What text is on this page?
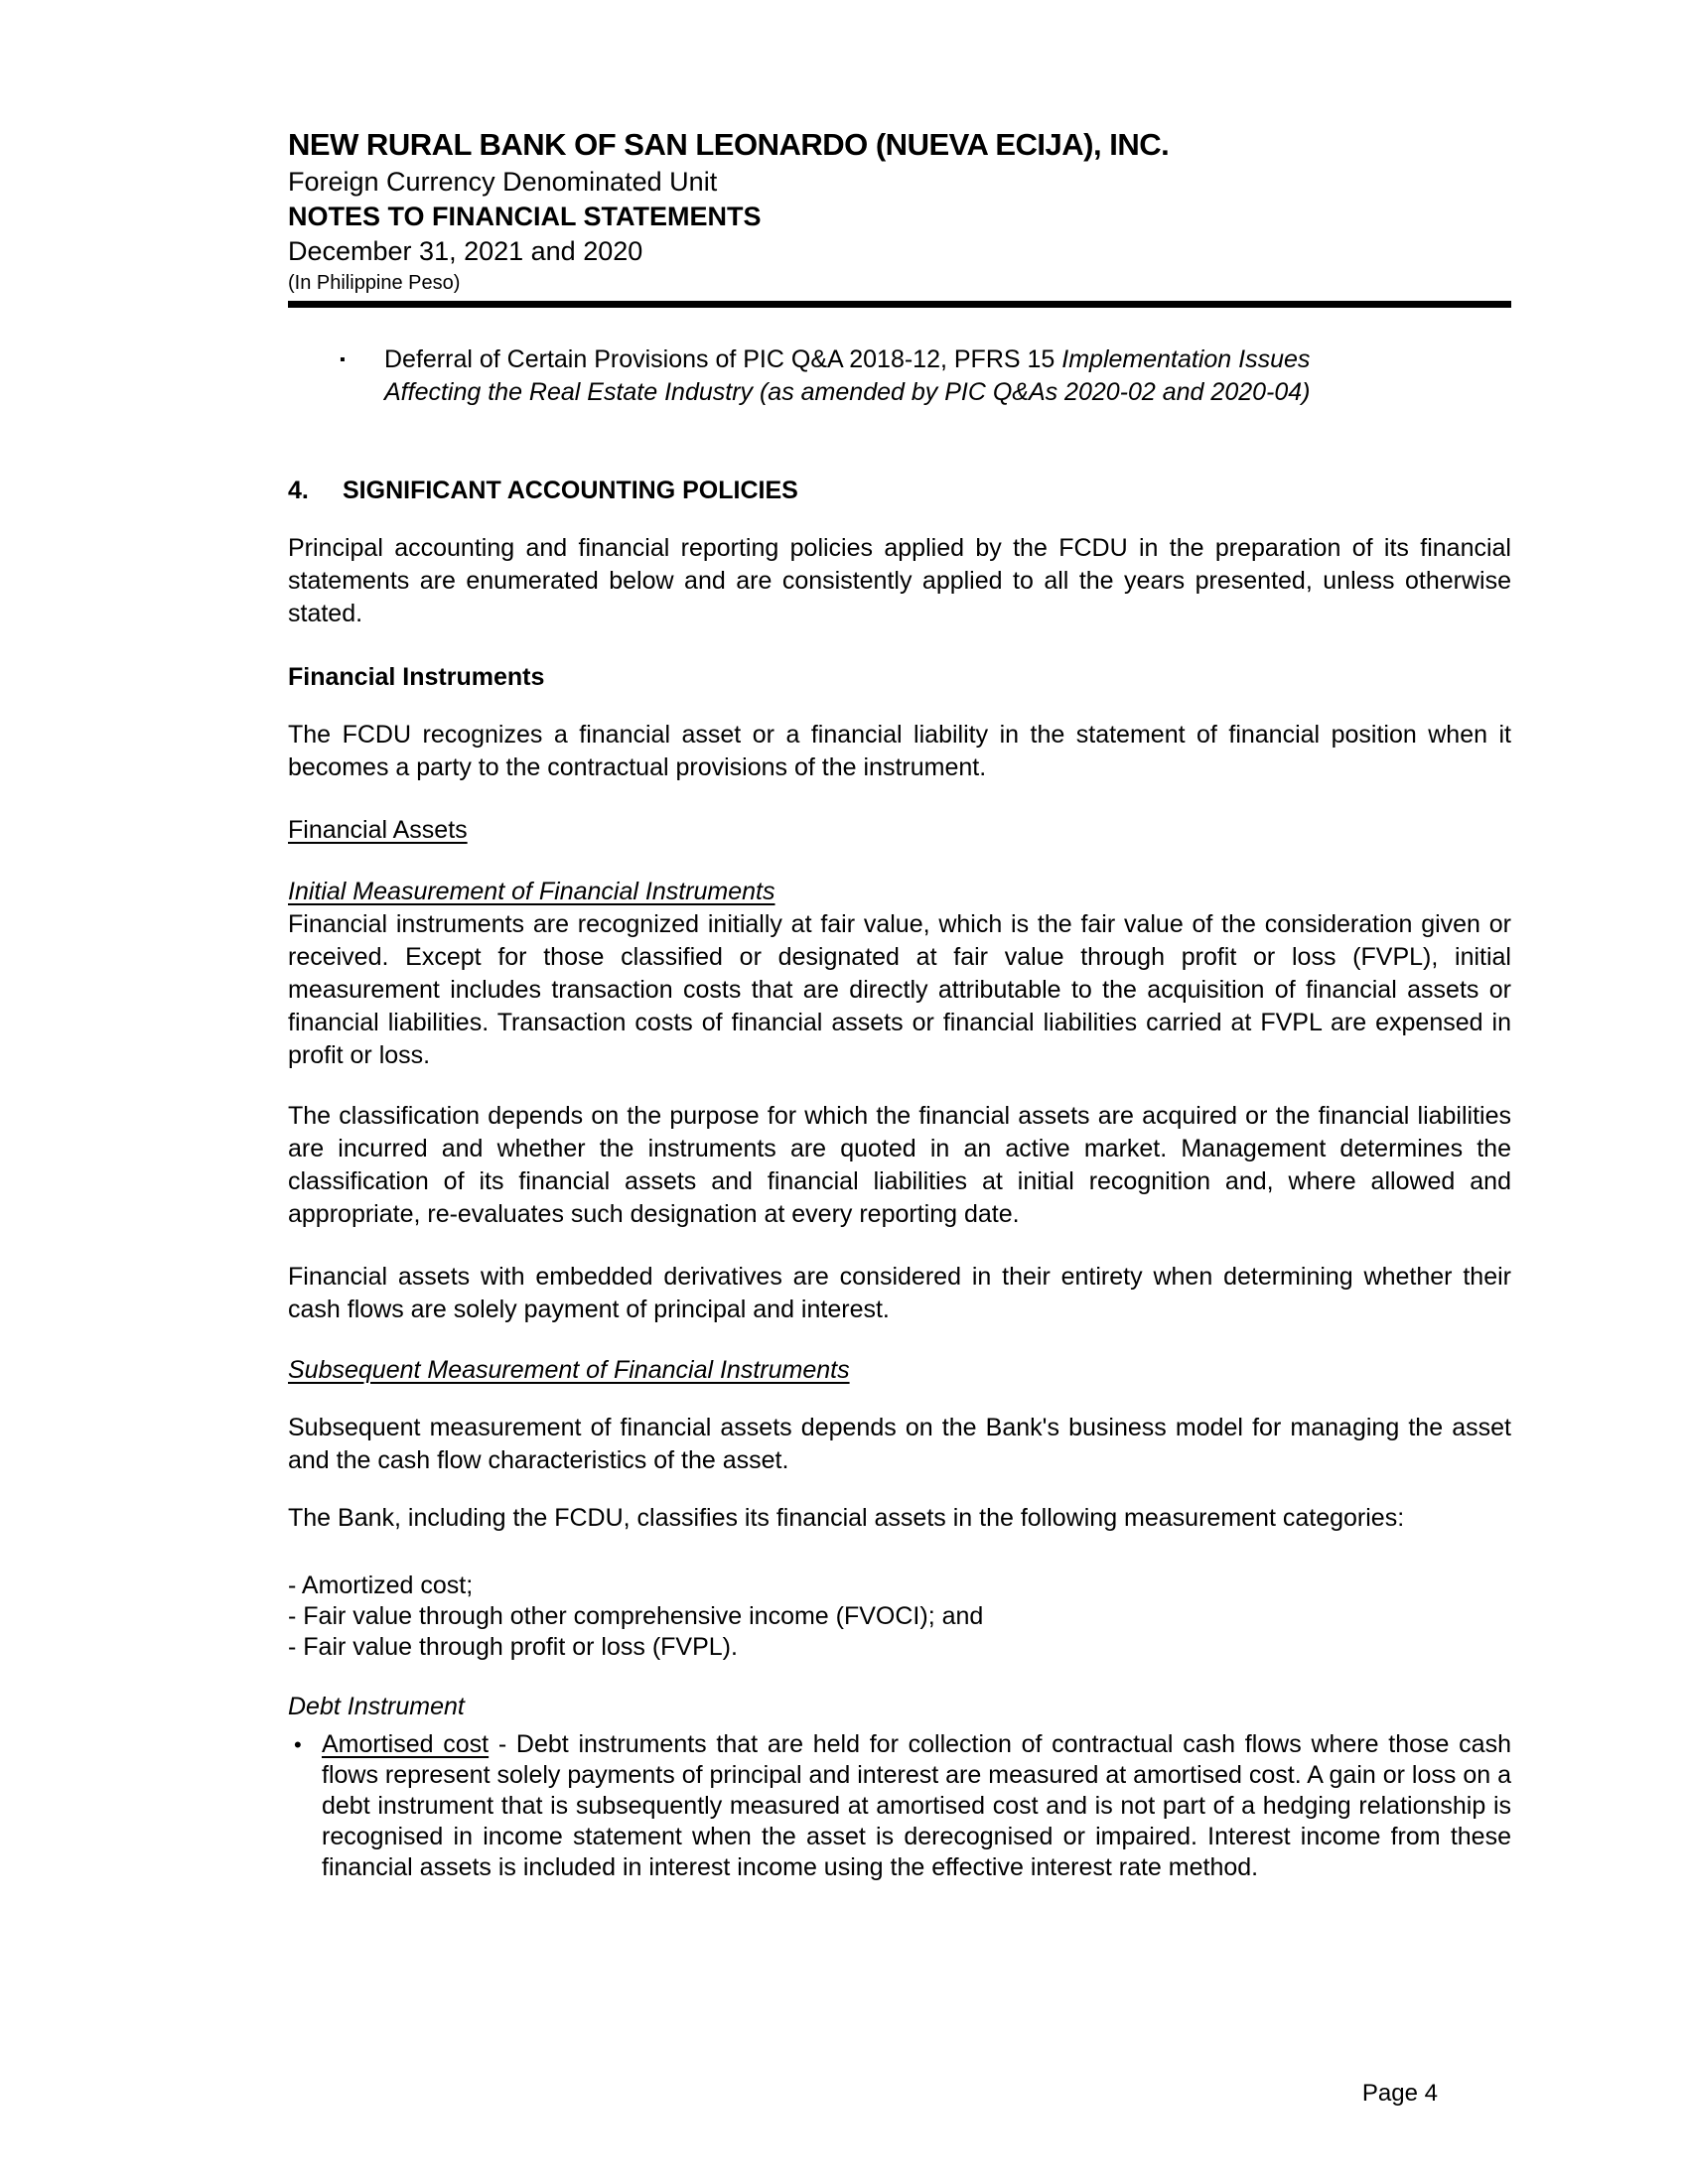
NEW RURAL BANK OF SAN LEONARDO (NUEVA ECIJA), INC.
Foreign Currency Denominated Unit
NOTES TO FINANCIAL STATEMENTS
December 31, 2021 and 2020
(In Philippine Peso)
▪	Deferral of Certain Provisions of PIC Q&A 2018-12, PFRS 15 Implementation Issues Affecting the Real Estate Industry (as amended by PIC Q&As 2020-02 and 2020-04)
4.	SIGNIFICANT ACCOUNTING POLICIES

Principal accounting and financial reporting policies applied by the FCDU in the preparation of its financial statements are enumerated below and are consistently applied to all the years presented, unless otherwise stated.

Financial Instruments

The FCDU recognizes a financial asset or a financial liability in the statement of financial position when it becomes a party to the contractual provisions of the instrument.

Financial Assets
Initial Measurement of Financial Instruments

Financial instruments are recognized initially at fair value, which is the fair value of the consideration given or received. Except for those classified or designated at fair value through profit or loss (FVPL), initial measurement includes transaction costs that are directly attributable to the acquisition of financial assets or financial liabilities. Transaction costs of financial assets or financial liabilities carried at FVPL are expensed in profit or loss.

The classification depends on the purpose for which the financial assets are acquired or the financial liabilities are incurred and whether the instruments are quoted in an active market. Management determines the classification of its financial assets and financial liabilities at initial recognition and, where allowed and appropriate, re-evaluates such designation at every reporting date.

Financial assets with embedded derivatives are considered in their entirety when determining whether their cash flows are solely payment of principal and interest.

Subsequent Measurement of Financial Instruments

Subsequent measurement of financial assets depends on the Bank's business model for managing the asset and the cash flow characteristics of the asset.

The Bank, including the FCDU, classifies its financial assets in the following measurement categories:

- Amortized cost;
- Fair value through other comprehensive income (FVOCI); and
- Fair value through profit or loss (FVPL).
Debt Instrument
• Amortised cost - Debt instruments that are held for collection of contractual cash flows where those cash flows represent solely payments of principal and interest are measured at amortised cost. A gain or loss on a debt instrument that is subsequently measured at amortised cost and is not part of a hedging relationship is recognised in income statement when the asset is derecognised or impaired. Interest income from these financial assets is included in interest income using the effective interest rate method.
Page 4
